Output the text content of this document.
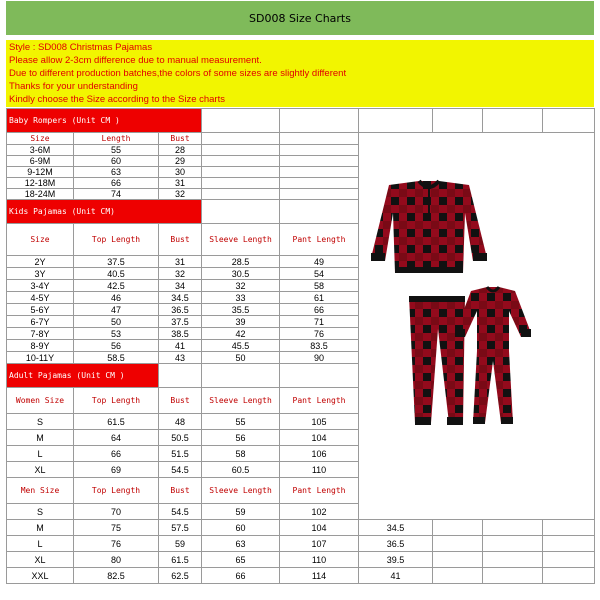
SD008 Size Charts
Style : SD008 Christmas Pajamas
Please allow 2-3cm difference due to manual measurement.
Due to different production batches,the colors of some sizes are slightly different
Thanks for your understanding
Kindly choose the Size according to the Size charts
Baby Rompers (Unit CM )									
Size	Length	Bust			

3-6M	55	28							
6-9M	60	29							
9-12M	63	30							
12-18M	66	31							
18-24M	74	32							
Kids Pajamas (Unit CM)									
Size	Top Length	Bust	Sleeve Length	Pant Length					
2Y	37.5	31	28.5	49					
3Y	40.5	32	30.5	54					
3-4Y	42.5	34	32	58					
4-5Y	46	34.5	33	61					
5-6Y	47	36.5	35.5	66					
6-7Y	50	37.5	39	71					
7-8Y	53	38.5	42	76					
8-9Y	56	41	45.5	83.5					
10-11Y	58.5	43	50	90					
Adult Pajamas (Unit CM )									
Women Size	Top Length	Bust	Sleeve Length	Pant Length				
S	61.5	48	55	105				
M	64	50.5	56	104				
L	66	51.5	58	106				
XL	69	54.5	60.5	110				
Men Size	Top Length	Bust	Sleeve Length	Pant Length				
S	70	54.5	59	102				
M	75	57.5	60	104	34.5				
L	76	59	63	107	36.5				
XL	80	61.5	65	110	39.5				
XXL	82.5	62.5	66	114	41				
